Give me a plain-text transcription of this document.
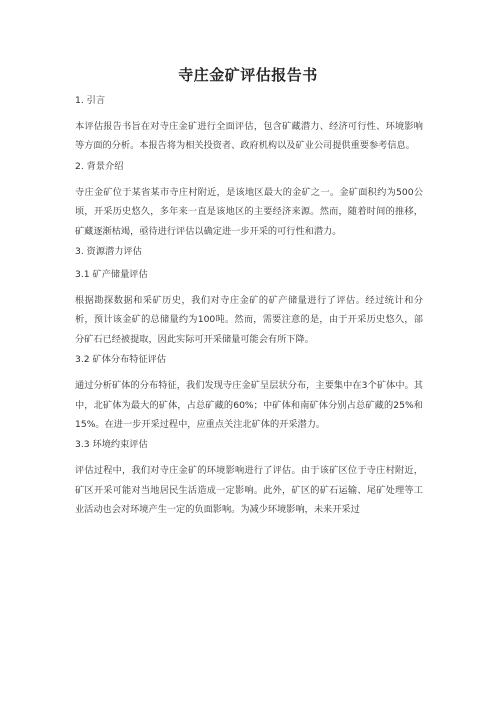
寺庄金矿评估报告书
1. 引言
本评估报告书旨在对寺庄金矿进行全面评估，包含矿藏潜力、经济可行性、环境影响等方面的分析。本报告将为相关投资者、政府机构以及矿业公司提供重要参考信息。
2. 背景介绍
寺庄金矿位于某省某市寺庄村附近，是该地区最大的金矿之一。金矿面积约为500公顷，开采历史悠久，多年来一直是该地区的主要经济来源。然而，随着时间的推移，矿藏逐渐枯竭，亟待进行评估以确定进一步开采的可行性和潜力。
3. 资源潜力评估
3.1 矿产储量评估
根据勘探数据和采矿历史，我们对寺庄金矿的矿产储量进行了评估。经过统计和分析，预计该金矿的总储量约为100吨。然而，需要注意的是，由于开采历史悠久，部分矿石已经被提取，因此实际可开采储量可能会有所下降。
3.2 矿体分布特征评估
通过分析矿体的分布特征，我们发现寺庄金矿呈层状分布，主要集中在3个矿体中。其中，北矿体为最大的矿体，占总矿藏的60%；中矿体和南矿体分别占总矿藏的25%和15%。在进一步开采过程中，应重点关注北矿体的开采潜力。
3.3 环境约束评估
评估过程中，我们对寺庄金矿的环境影响进行了评估。由于该矿区位于寺庄村附近，矿区开采可能对当地居民生活造成一定影响。此外，矿区的矿石运输、尾矿处理等工业活动也会对环境产生一定的负面影响。为减少环境影响，未来开采过
